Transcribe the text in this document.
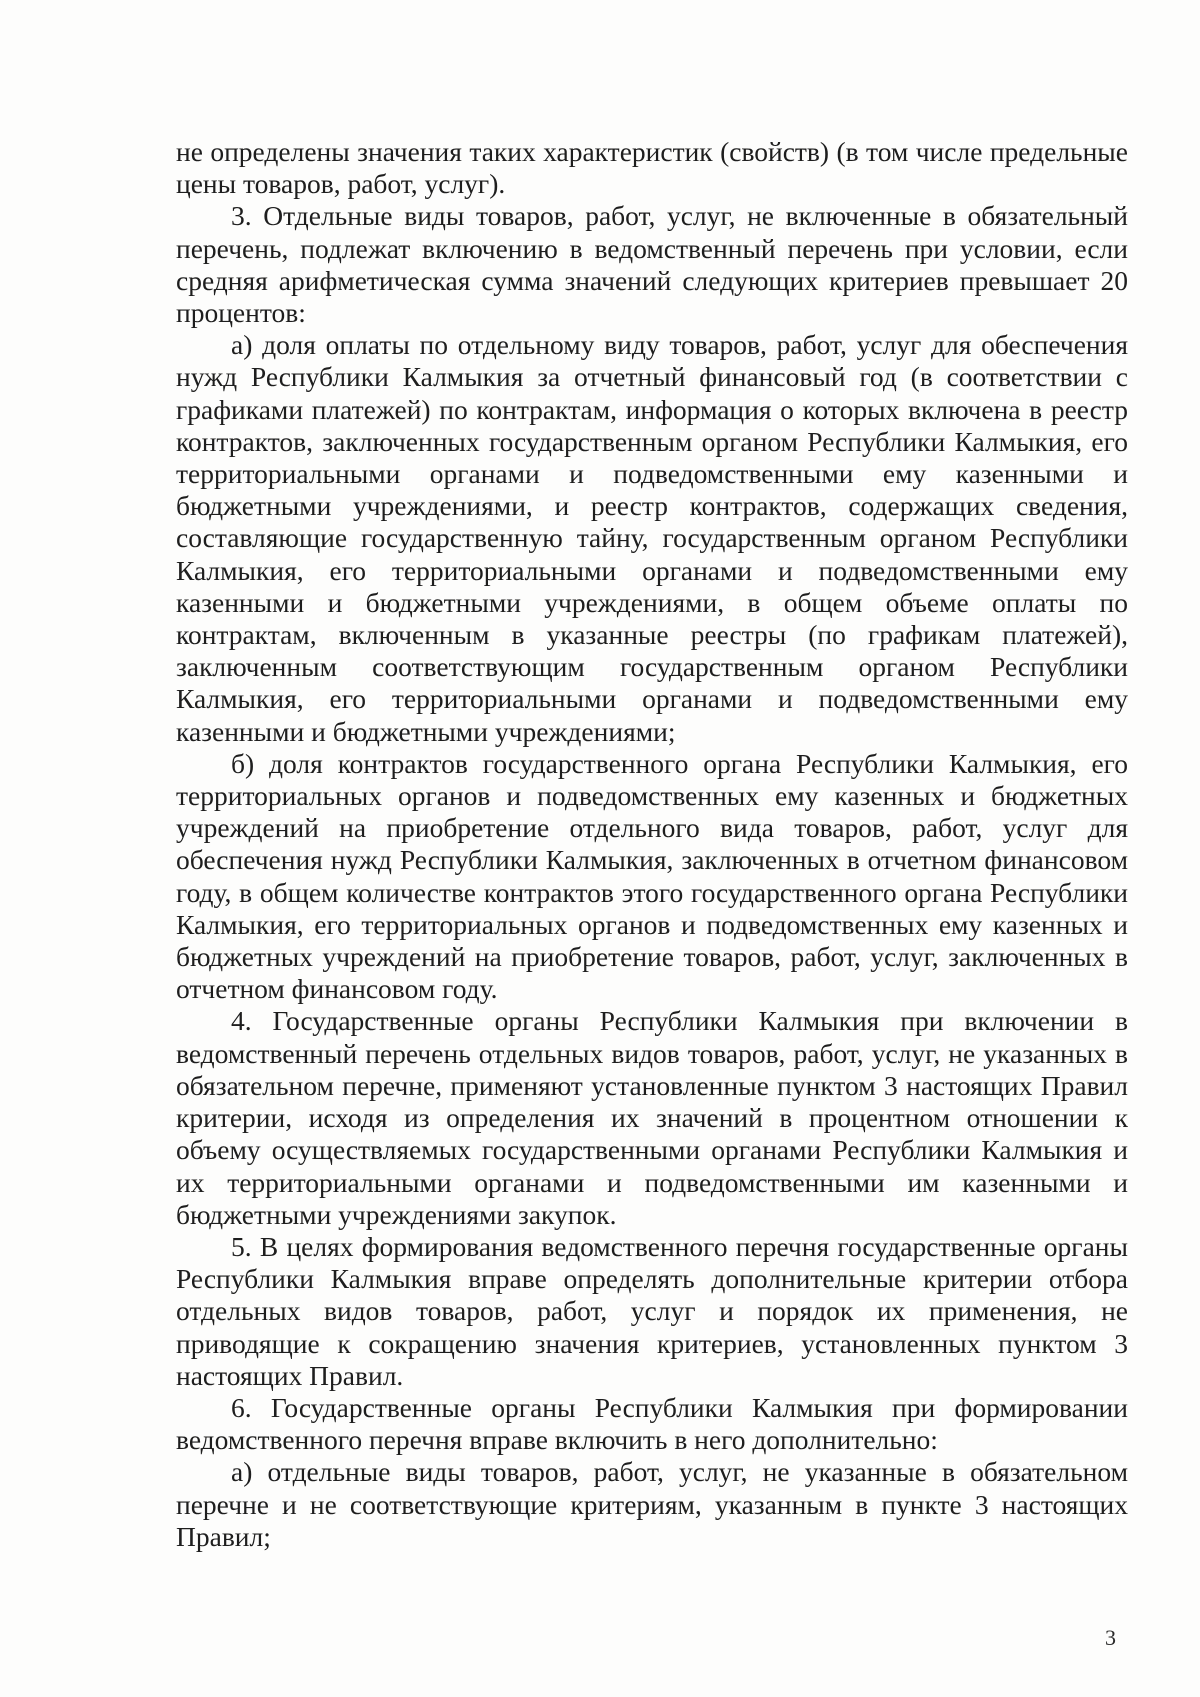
не определены значения таких характеристик (свойств) (в том числе предельные цены товаров, работ, услуг).

3. Отдельные виды товаров, работ, услуг, не включенные в обязательный перечень, подлежат включению в ведомственный перечень при условии, если средняя арифметическая сумма значений следующих критериев превышает 20 процентов:

а) доля оплаты по отдельному виду товаров, работ, услуг для обеспечения нужд Республики Калмыкия за отчетный финансовый год (в соответствии с графиками платежей) по контрактам, информация о которых включена в реестр контрактов, заключенных государственным органом Республики Калмыкия, его территориальными органами и подведомственными ему казенными и бюджетными учреждениями, и реестр контрактов, содержащих сведения, составляющие государственную тайну, государственным органом Республики Калмыкия, его территориальными органами и подведомственными ему казенными и бюджетными учреждениями, в общем объеме оплаты по контрактам, включенным в указанные реестры (по графикам платежей), заключенным соответствующим государственным органом Республики Калмыкия, его территориальными органами и подведомственными ему казенными и бюджетными учреждениями;

б) доля контрактов государственного органа Республики Калмыкия, его территориальных органов и подведомственных ему казенных и бюджетных учреждений на приобретение отдельного вида товаров, работ, услуг для обеспечения нужд Республики Калмыкия, заключенных в отчетном финансовом году, в общем количестве контрактов этого государственного органа Республики Калмыкия, его территориальных органов и подведомственных ему казенных и бюджетных учреждений на приобретение товаров, работ, услуг, заключенных в отчетном финансовом году.

4. Государственные органы Республики Калмыкия при включении в ведомственный перечень отдельных видов товаров, работ, услуг, не указанных в обязательном перечне, применяют установленные пунктом 3 настоящих Правил критерии, исходя из определения их значений в процентном отношении к объему осуществляемых государственными органами Республики Калмыкия и их территориальными органами и подведомственными им казенными и бюджетными учреждениями закупок.

5. В целях формирования ведомственного перечня государственные органы Республики Калмыкия вправе определять дополнительные критерии отбора отдельных видов товаров, работ, услуг и порядок их применения, не приводящие к сокращению значения критериев, установленных пунктом 3 настоящих Правил.

6. Государственные органы Республики Калмыкия при формировании ведомственного перечня вправе включить в него дополнительно:

а) отдельные виды товаров, работ, услуг, не указанные в обязательном перечне и не соответствующие критериям, указанным в пункте 3 настоящих Правил;

3
